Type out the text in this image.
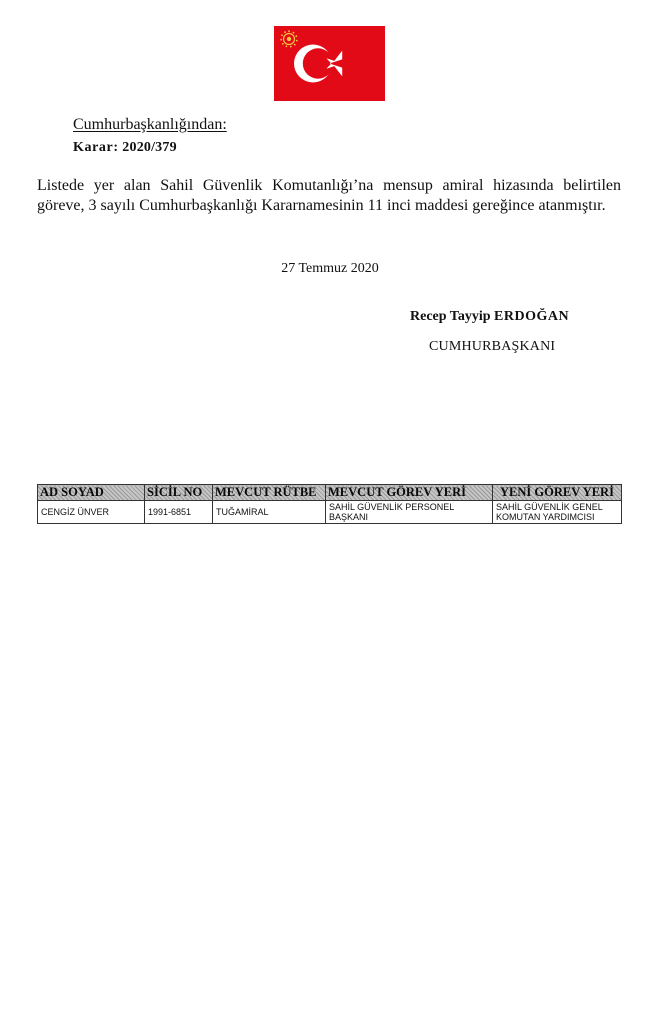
Cumhurbaşkanlığından:
Karar: 2020/379

Listede yer alan Sahil Güvenlik Komutanlığı’na mensup amiral hizasında belirtilen göreve, 3 sayılı Cumhurbaşkanlığı Kararnamesinin 11 inci maddesi gereğince atanmıştır.

27 Temmuz 2020
Recep Tayyip ERDOĞAN
CUMHURBAŞKANI
AD SOYAD	SİCİL NO	MEVCUT RÜTBE	MEVCUT GÖREV YERİ	YENİ GÖREV YERİ
CENGİZ ÜNVER	1991-6851	TUĞAMİRAL	SAHİL GÜVENLİK PERSONEL BAŞKANI	SAHİL GÜVENLİK GENEL KOMUTAN YARDIMCISI
